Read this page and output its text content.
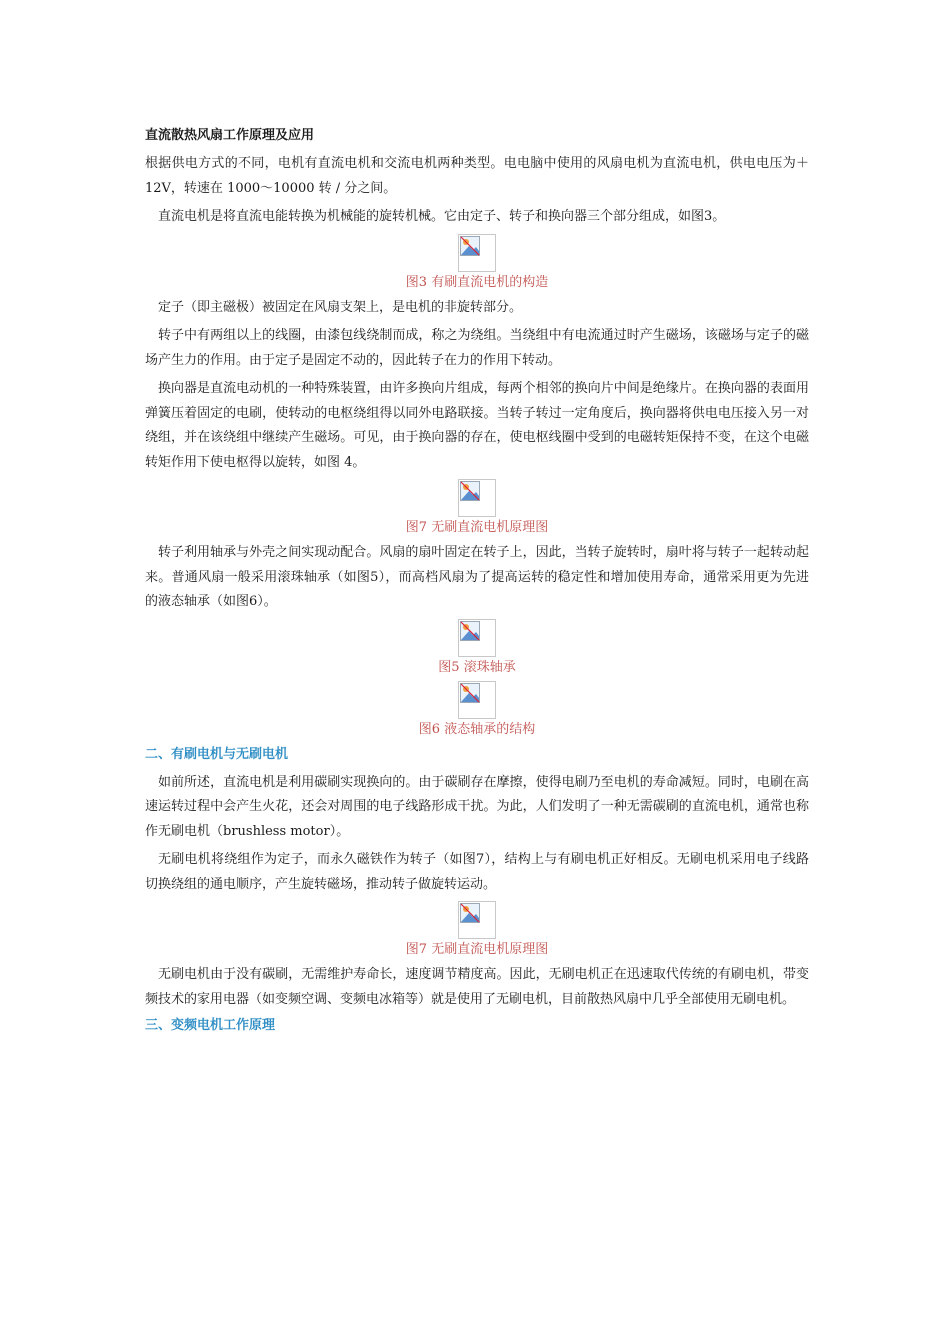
直流散热风扇工作原理及应用

根据供电方式的不同，电机有直流电机和交流电机两种类型。电电脑中使用的风扇电机为直流电机，供电电压为＋12V，转速在 1000～10000 转 / 分之间。

直流电机是将直流电能转换为机械能的旋转机械。它由定子、转子和换向器三个部分组成，如图3。

图3 有刷直流电机的构造

定子（即主磁极）被固定在风扇支架上，是电机的非旋转部分。

转子中有两组以上的线圈，由漆包线绕制而成，称之为绕组。当绕组中有电流通过时产生磁场，该磁场与定子的磁场产生力的作用。由于定子是固定不动的，因此转子在力的作用下转动。

换向器是直流电动机的一种特殊装置，由许多换向片组成，每两个相邻的换向片中间是绝缘片。在换向器的表面用弹簧压着固定的电刷，使转动的电枢绕组得以同外电路联接。当转子转过一定角度后，换向器将供电电压接入另一对绕组，并在该绕组中继续产生磁场。可见，由于换向器的存在，使电枢线圈中受到的电磁转矩保持不变，在这个电磁转矩作用下使电枢得以旋转，如图 4。

图7 无刷直流电机原理图

转子利用轴承与外壳之间实现动配合。风扇的扇叶固定在转子上，因此，当转子旋转时，扇叶将与转子一起转动起来。普通风扇一般采用滚珠轴承（如图5），而高档风扇为了提高运转的稳定性和增加使用寿命，通常采用更为先进的液态轴承（如图6）。

图5 滚珠轴承
图6 液态轴承的结构
二、有刷电机与无刷电机

如前所述，直流电机是利用碳刷实现换向的。由于碳刷存在摩擦，使得电刷乃至电机的寿命减短。同时，电刷在高速运转过程中会产生火花，还会对周围的电子线路形成干扰。为此，人们发明了一种无需碳刷的直流电机，通常也称作无刷电机（brushless motor）。

无刷电机将绕组作为定子，而永久磁铁作为转子（如图7），结构上与有刷电机正好相反。无刷电机采用电子线路切换绕组的通电顺序，产生旋转磁场，推动转子做旋转运动。

图7 无刷直流电机原理图

无刷电机由于没有碳刷，无需维护寿命长，速度调节精度高。因此，无刷电机正在迅速取代传统的有刷电机，带变频技术的家用电器（如变频空调、变频电冰箱等）就是使用了无刷电机，目前散热风扇中几乎全部使用无刷电机。

三、变频电机工作原理
